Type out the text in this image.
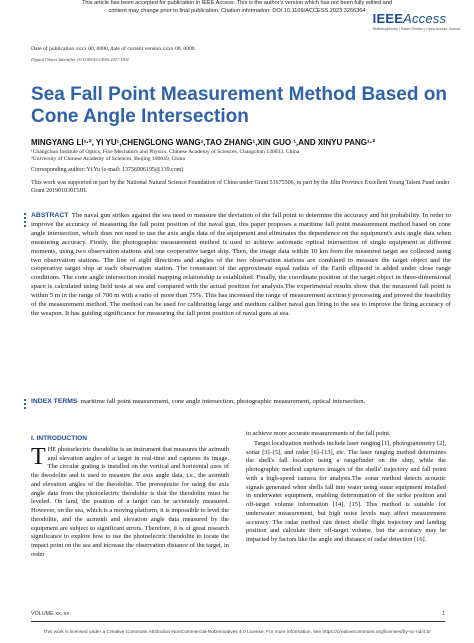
This article has been accepted for publication in IEEE Access. This is the author's version which has not been fully edited and
content may change prior to final publication. Citation information: DOI 10.1109/ACCESS.2023.3266364 IEEEAccess
Multidisciplinary | Rapid Review | Open Access Journal
Date of publication xxxx 00, 0000, date of current version xxxx 00, 0000.
Digital Object Identifier 10.1109/ACCESS.2017.DOI
Sea Fall Point Measurement Method Based on Cone Angle Intersection
MINGYANG LI¹·², YI YU¹,CHENGLONG WANG¹,TAO ZHANG¹,XIN GUO ¹,AND XINYU PANG¹·²
¹Changchun Institute of Optics, Fine Mechanics and Physics, Chinese Academy of Sciences, Changchun 130033, China
²University of Chinese Academy of Sciences, Beijing 100049, China
Corresponding author: Yi Yu (e-mail: 13756006195@139.com)
This work was supported in part by the National Natural Science Foundation of China under Grant 51675506, in part by the Jilin Province Excellent Young Talent Fund under Grant 20190103015JH.
ABSTRACT The naval gun strikes against the sea need to measure the deviation of the fall point to determine the accuracy and hit probability. In order to improve the accuracy of measuring the fall point position of the naval gun, this paper proposes a maritime fall point measurement method based on cone angle intersection, which does not need to use the axis angle data of the equipment and eliminates the dependence on the equipment's axis angle data when measuring accuracy. Firstly, the photographic measurement method is used to achieve automatic optical intersection of single equipment at different moments, using two observation stations and one cooperative target ship. Then, the image data within 10 km from the measured target are collected using two observation stations. The line of sight directions and angles of the two observation stations are combined to measure the target object and the cooperative target ship at each observation station. The constraint of the approximate equal radius of the Earth ellipsoid is added under close range conditions. The cone angle intersection model mapping relationship is established. Finally, the coordinate position of the target object in three-dimensional space is calculated using field tests at sea and compared with the actual position for analysis.The experimental results show that the measured fall point is within 5 m in the range of 700 m with a ratio of more than 75%. This has increased the range of measurement accuracy processing and proved the feasibility of the measurement method. The method can be used for calibrating large and medium caliber naval gun firing to the sea to improve the firing accuracy of the weapon. It has guiding significance for measuring the fall point position of naval guns at sea.
INDEX TERMS maritime fall point measurement, cone angle intersection, photographic measurement, optical intersection.
I. INTRODUCTION
T HE photoelectric theodolite is an instrument that measures the azimuth and elevation angles of a target in real-time and captures its image. The circular grating is installed on the vertical and horizontal axes of the theodolite and is used to measure the axis angle data, i.e., the azimuth and elevation angles of the theodolite. The prerequisite for using the axis angle data from the photoelectric theodolite is that the theodolite must be leveled. On land, the position of a target can be accurately measured. However, on the sea, which is a moving platform, it is impossible to level the theodolite, and the azimuth and elevation angle data measured by the equipment are subject to significant errors. Therefore, it is of great research significance to explore how to use the photoelectric theodolite to locate the impact point on the sea and increase the observation distance of the target, in order
to achieve more accurate measurements of the fall point.
Target localization methods include laser ranging [1], photogrammetry [2], sonar [3]–[5], and radar [6]–[13], etc. The laser ranging method determines the shell's fall location using a rangefinder on the ship, while the photographic method captures images of the shells' trajectory and fall point with a high-speed camera for analysis.The sonar method detects acoustic signals generated when shells fall into water using sonar equipment installed in underwater equipment, enabling determination of the strike position and off-target volume information [14], [15]. This method is suitable for underwater measurement, but high noise levels may affect measurement accuracy. The radar method can detect shells' flight trajectory and landing position and calculate their off-target volume, but the accuracy may be impacted by factors like the angle and distance of radar detection [16].
VOLUME xx, xx	1
This work is licensed under a Creative Commons Attribution-NonCommercial-NoDerivatives 4.0 License. For more information, see https://creativecommons.org/licenses/by-nc-nd/4.0/
